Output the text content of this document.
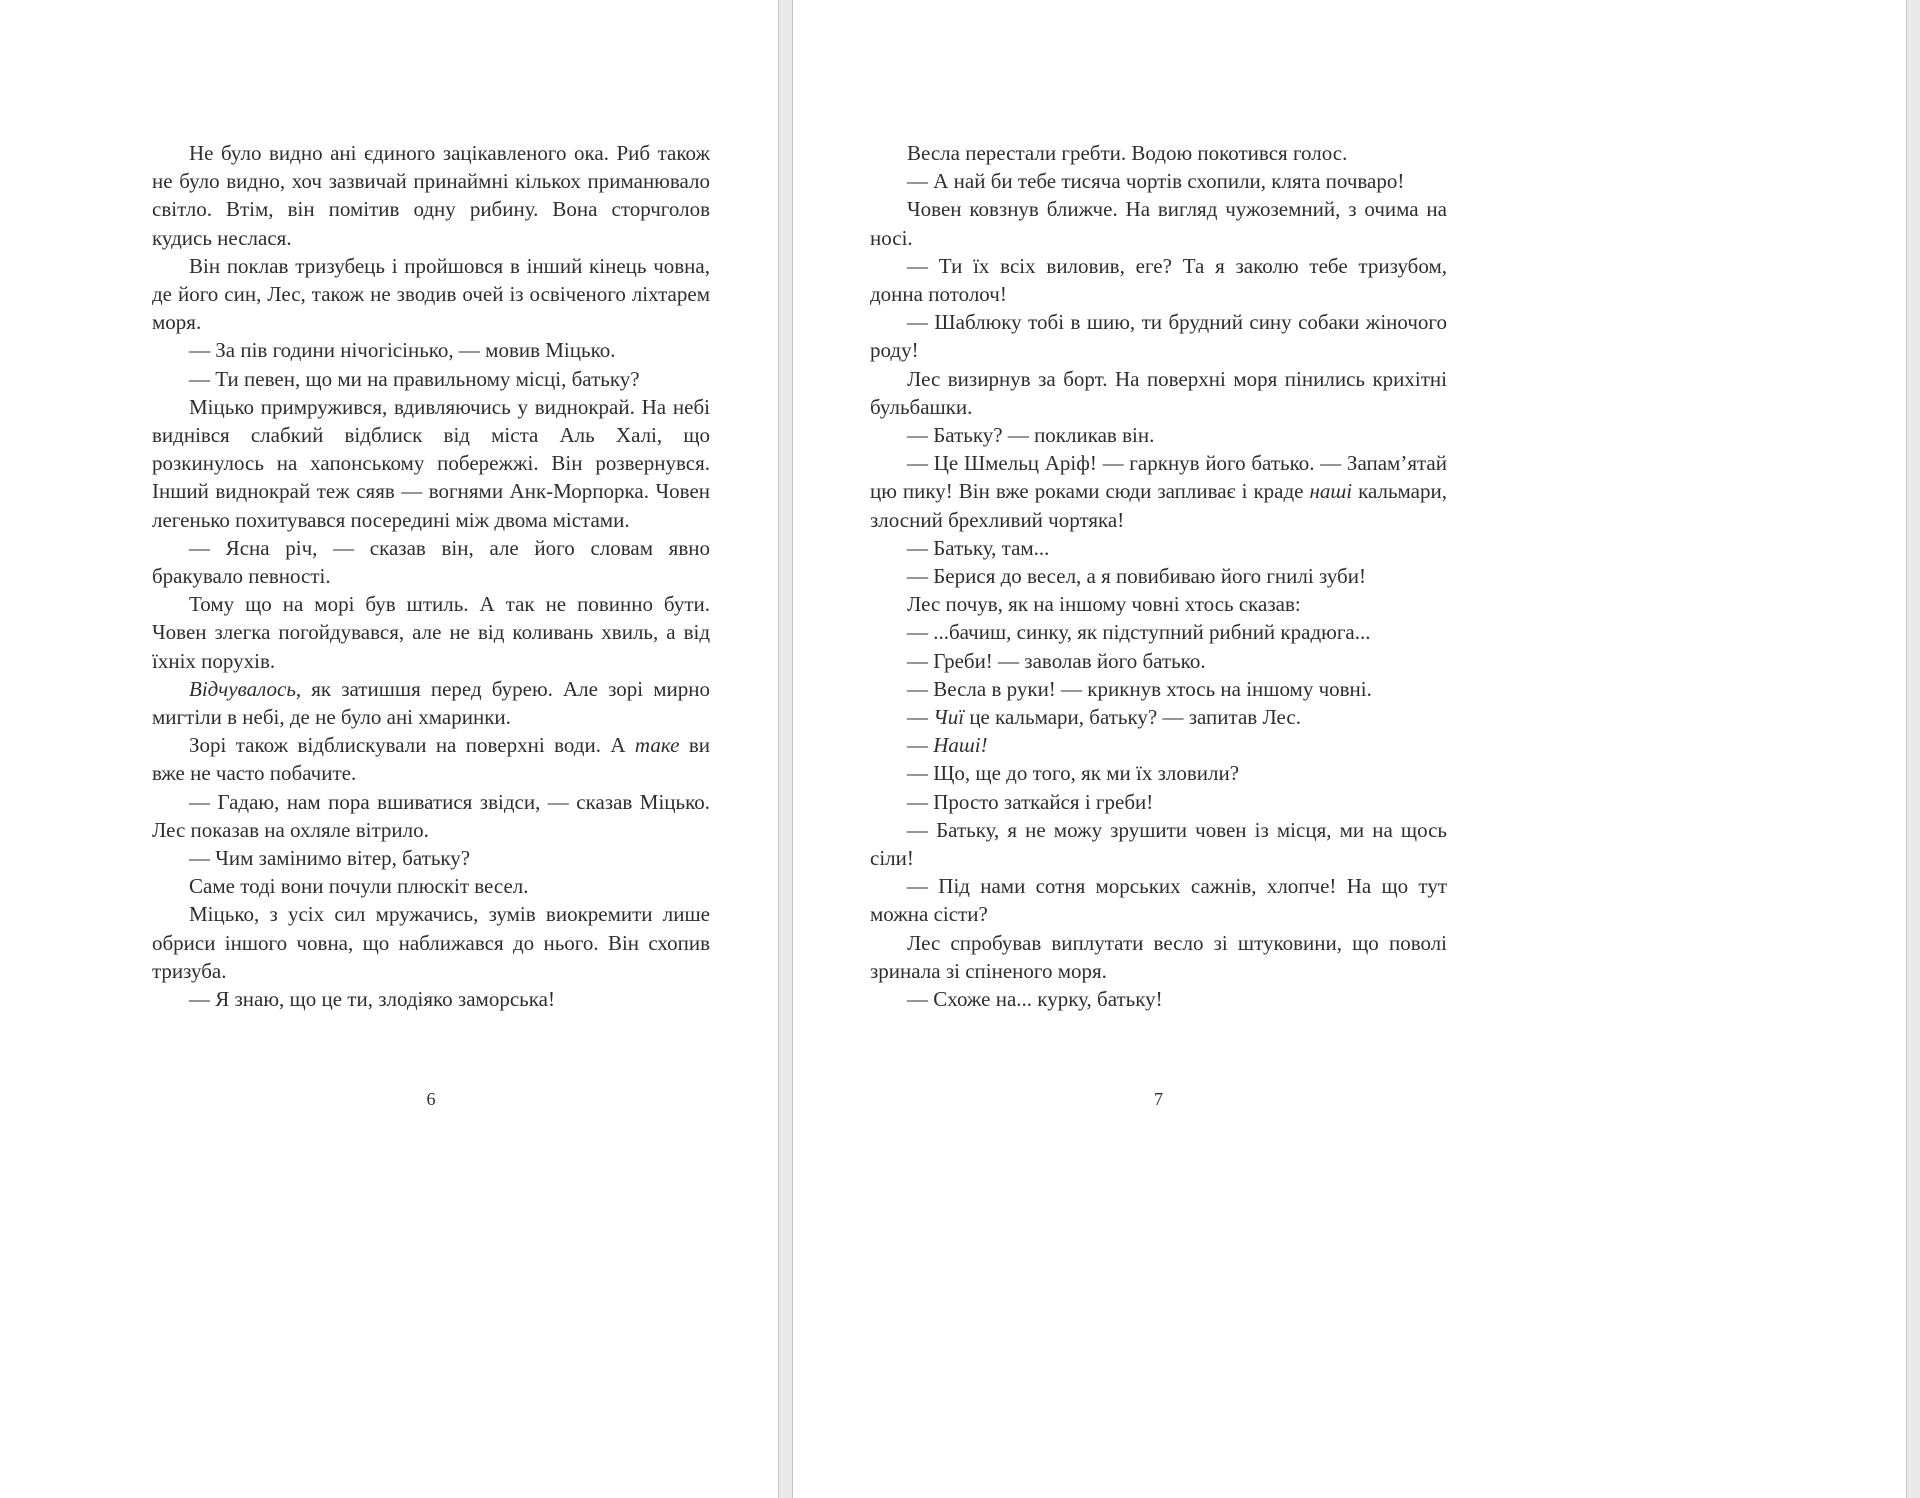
Не було видно ані єдиного зацікавленого ока. Риб також не було видно, хоч зазвичай принаймні кількох приманювало світло. Втім, він помітив одну рибину. Вона сторчголов кудись неслася.

Він поклав тризубець і пройшовся в інший кінець човна, де його син, Лес, також не зводив очей із освіченого ліхтарем моря.

— За пів години нічогісінько, — мовив Міцько.

— Ти певен, що ми на правильному місці, батьку?

Міцько примружився, вдивляючись у виднокрай. На небі виднівся слабкий відблиск від міста Аль Халі, що розкинулось на хапонському побережжі. Він розвернувся. Інший виднокрай теж сяяв — вогнями Анк-Морпорка. Човен легенько похитувався посередині між двома містами.

— Ясна річ, — сказав він, але його словам явно бракувало певності.

Тому що на морі був штиль. А так не повинно бути. Човен злегка погойдувався, але не від коливань хвиль, а від їхніх порухів.

Відчувалось, як затишшя перед бурею. Але зорі мирно мигтіли в небі, де не було ані хмаринки.

Зорі також відблискували на поверхні води. А таке ви вже не часто побачите.

— Гадаю, нам пора вшиватися звідси, — сказав Міцько. Лес показав на охляле вітрило.

— Чим замінимо вітер, батьку?

Саме тоді вони почули плюскіт весел.

Міцько, з усіх сил мружачись, зумів виокремити лише обриси іншого човна, що наближався до нього. Він схопив тризуба.

— Я знаю, що це ти, злодіяко заморська!

Весла перестали гребти. Водою покотився голос.

— А най би тебе тисяча чортів схопили, клята почваро!

Човен ковзнув ближче. На вигляд чужоземний, з очима на носі.

— Ти їх всіх виловив, еге? Та я заколю тебе тризубом, донна потолоч!

— Шаблюку тобі в шию, ти брудний сину собаки жіночого роду!

Лес визирнув за борт. На поверхні моря пінились крихітні бульбашки.

— Батьку? — покликав він.

— Це Шмельц Аріф! — гаркнув його батько. — Запам’ятай цю пику! Він вже роками сюди запливає і краде наші кальмари, злосний брехливий чортяка!

— Батьку, там...

— Берися до весел, а я повибиваю його гнилі зуби!

Лес почув, як на іншому човні хтось сказав:

— ...бачиш, синку, як підступний рибний крадюга...

— Греби! — заволав його батько.

— Весла в руки! — крикнув хтось на іншому човні.

— Чиї це кальмари, батьку? — запитав Лес.

— Наші!

— Що, ще до того, як ми їх зловили?

— Просто заткайся і греби!

— Батьку, я не можу зрушити човен із місця, ми на щось сіли!

— Під нами сотня морських сажнів, хлопче! На що тут можна сісти?

Лес спробував виплутати весло зі штуковини, що поволі зринала зі спіненого моря.

— Схоже на... курку, батьку!

6	7
